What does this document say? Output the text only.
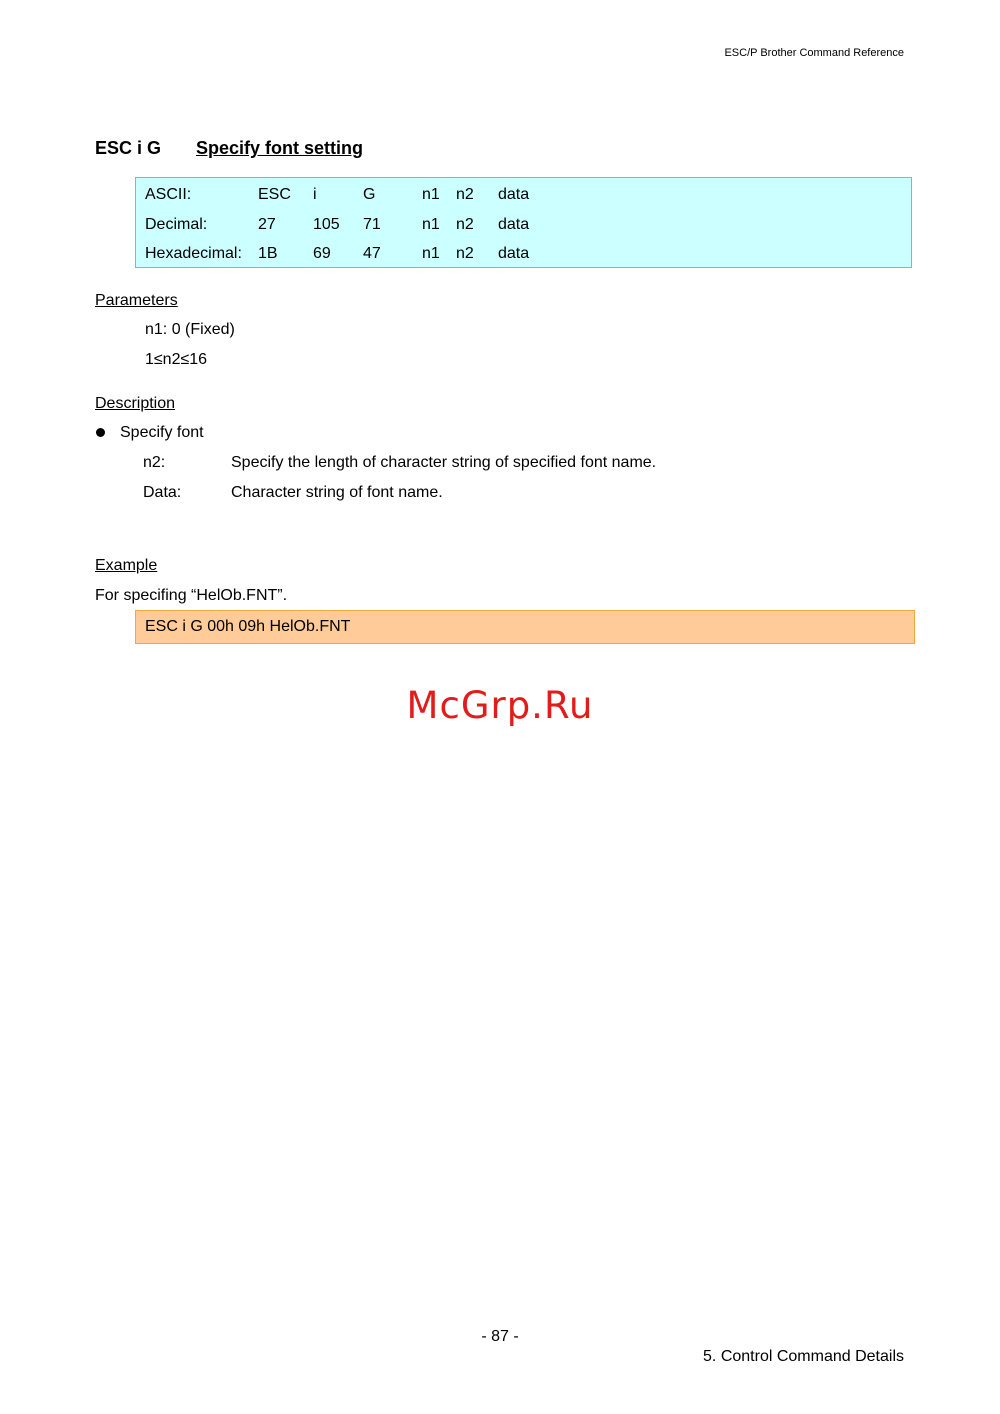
ESC/P Brother Command Reference
ESC i G Specify font setting
ASCII:	ESC i	G	n1 n2 data
Decimal:	27 105 71	n1 n2 data
Hexadecimal: 1B 69 47	n1 n2 data
Parameters
n1: 0 (Fixed)
1≤n2≤16
Description
Specify font
n2:	Specify the length of character string of specified font name.
Data:	Character string of font name.
Example
For specifing “HelOb.FNT”.
ESC i G 00h 09h HelOb.FNT
McGrp.Ru
- 87 -
5. Control Command Details
